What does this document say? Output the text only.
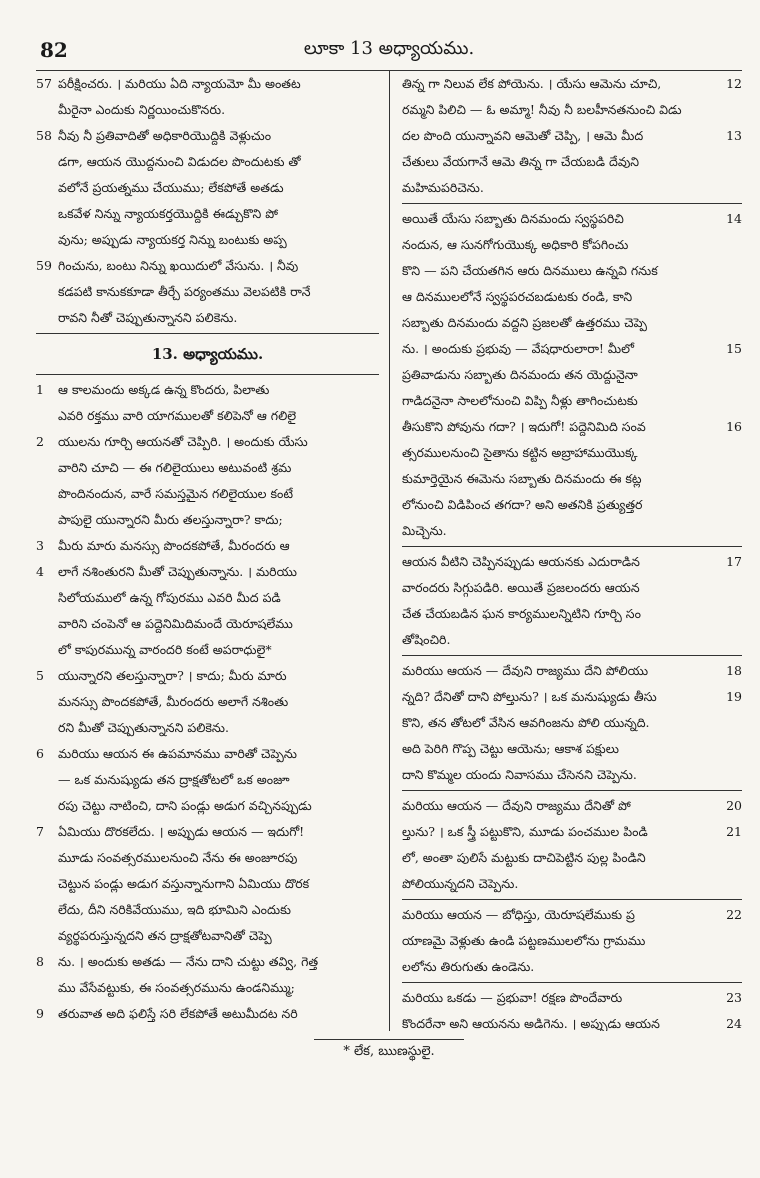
82	లూకా 13 అధ్యాయము.
57 పరీక్షించరు. । మరియు ఏది న్యాయమో మీ అంతట
మీరైనా ఎందుకు నిర్ణయించుకొనరు.
58 నీవు నీ ప్రతివాదితో అధికారియొద్దికి వెళ్లుచుం
డగా, ఆయన యొద్దనుంచి విడుదల పొందుటకు తో
వలోనే ప్రయత్నము చేయుము; లేకపోతే అతడు
ఒకవేళ నిన్ను న్యాయకర్తయొద్దికి ఈడ్చుకొని పో
వును; అప్పుడు న్యాయకర్త నిన్ను బంటుకు అప్ప
59 గించును, బంటు నిన్ను ఖయిదులో వేసును. । నీవు
కడపటి కానుకకూడా తీర్చే పర్యంతము వెలపటికి రానే
రావని నీతో చెప్పుతున్నానని పలికెను.
13. అధ్యాయము.
1	ఆ కాలమందు అక్కడ ఉన్న కొందరు, పిలాతు
ఎవరి రక్తము వారి యాగములతో కలిపెనో ఆ గలిలై
2	యులను గూర్చి ఆయనతో చెప్పిరి. । అందుకు యేసు
వారిని చూచి — ఈ గలిలైయులు అటువంటి శ్రమ
పొందినందున, వారే సమస్తమైన గలిలైయుల కంటే
పాపులై యున్నారని మీరు తలస్తున్నారా? కాదు;
3	మీరు మారు మనస్సు పొందకపోతే, మీరందరు ఆ
4	లాగే నశింతురని మీతో చెప్పుతున్నాను. । మరియు
సిలోయములో ఉన్న గోపురము ఎవరి మీద పడి
వారిని చంపెనో ఆ పద్దెనిమిదిమందే యెరూషలేము
లో కాపురమున్న వారందరి కంటే అపరాధులై*
5	యున్నారని తలస్తున్నారా? । కాదు; మీరు మారు
మనస్సు పొందకపోతే, మీరందరు అలాగే నశింతు
రని మీతో చెప్పుతున్నానని పలికెను.
6	మరియు ఆయన ఈ ఉపమానము వారితో చెప్పెను
— ఒక మనుష్యుడు తన ద్రాక్షతోటలో ఒక అంజూ
రపు చెట్టు నాటించి, దాని పండ్లు అడుగ వచ్చినప్పుడు
7	ఏమియు దొరకలేదు. । అప్పుడు ఆయన — ఇదుగో!
మూడు సంవత్సరములనుంచి నేను ఈ అంజూరపు
చెట్టున పండ్లు అడుగ వస్తున్నానుగాని ఏమియు దొరక
లేదు, దీని నరికివేయుము, ఇది భూమిని ఎందుకు
వ్యర్థపరుస్తున్నదని తన ద్రాక్షతోటవానితో చెప్పె
8	ను. । అందుకు అతడు — నేను దాని చుట్టు తవ్వి, గెత్త
ము వేసేవట్టుకు, ఈ సంవత్సరమును ఉండనిమ్ము;
9	తరువాత అది ఫలిస్తే సరి లేకపోతే అటుమీదట నరి
తిన్న గా నిలువ లేక పోయెను. । యేసు ఆమెను చూచి,	12
రమ్మని పిలిచి — ఓ అమ్మా! నీవు నీ బలహీనతనుంచి విడు
దల పొంది యున్నావని ఆమెతో చెప్పి, । ఆమె మీద	13
చేతులు వేయగానే ఆమె తిన్న గా చేయబడి దేవుని
మహిమపరిచెను.
అయితే యేసు సబ్బాతు దినమందు స్వస్థపరిచి	14
నందున, ఆ సునగోగుయొక్క అధికారి కోపగించు
కొని — పని చేయతగిన ఆరు దినములు ఉన్నవి గనుక
ఆ దినములలోనే స్వస్థపరచబడుటకు రండి, కాని
సబ్బాతు దినమందు వద్దని ప్రజలతో ఉత్తరము చెప్పె
ను. । అందుకు ప్రభువు — వేషధారులారా! మీలో	15
ప్రతివాడును సబ్బాతు దినమందు తన యెద్దునైనా
గాడిదనైనా సాలలోనుంచి విప్పి నీళ్లు తాగించుటకు
తీసుకొని పోవును గదా? । ఇదుగో! పద్దెనిమిది సంవ	16
త్సరములనుంచి సైతాను కట్టిన అబ్రాహాముయొక్క
కుమార్తెయైన ఈమెను సబ్బాతు దినమందు ఈ కట్ల
లోనుంచి విడిపించ తగదా? అని అతనికి ప్రత్యుత్తర
మిచ్చెను.
ఆయన వీటిని చెప్పినప్పుడు ఆయనకు ఎదురాడిన	17
వారందరు సిగ్గుపడిరి. అయితే ప్రజలందరు ఆయన
చేత చేయబడిన ఘన కార్యములన్నిటిని గూర్చి సం
తోషించిరి.
మరియు ఆయన — దేవుని రాజ్యము దేని పోలియు	18
న్నది? దేనితో దాని పోల్తును? । ఒక మనుష్యుడు తీసు	19
కొని, తన తోటలో వేసిన ఆవగింజను పోలి యున్నది.
అది పెరిగి గొప్ప చెట్టు ఆయెను; ఆకాశ పక్షులు
దాని కొమ్మల యందు నివాసము చేసెనని చెప్పెను.
మరియు ఆయన — దేవుని రాజ్యము దేనితో పో	20
ల్తును? । ఒక స్త్రీ పట్టుకొని, మూడు పంచముల పిండి	21
లో, అంతా పులిసే మట్టుకు దాచిపెట్టిన పుల్ల పిండిని
పోలియున్నదని చెప్పెను.
మరియు ఆయన — బోధిస్తు, యెరూషలేముకు ప్ర	22
యాణమై వెళ్లుతు ఉండి పట్టణములలోను గ్రామము
లలోను తిరుగుతు ఉండెను.
మరియు ఒకడు — ప్రభువా! రక్షణ పొందేవారు	23
కొందరేనా అని ఆయనను అడిగెను. । అప్పుడు ఆయన	24
* లేక, ఋణస్థులై.
